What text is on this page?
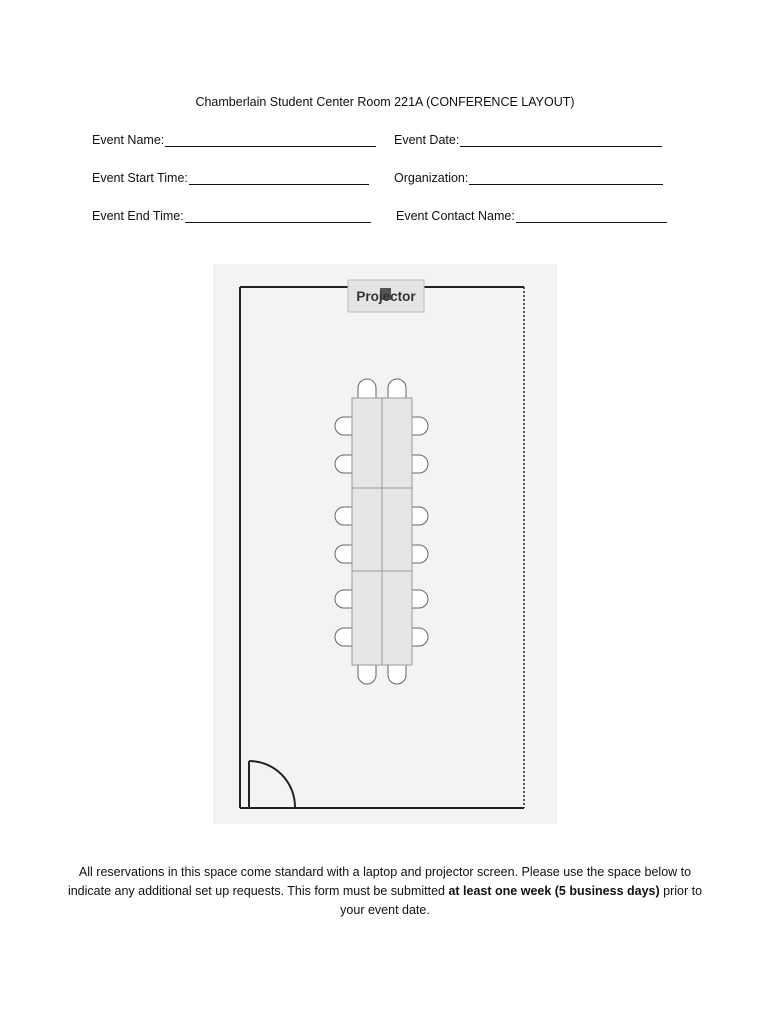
Chamberlain Student Center Room 221A (CONFERENCE LAYOUT)
Event Name:	Event Date:
Event Start Time:	Organization:
Event End Time:	Event Contact Name:
Projector
All reservations in this space come standard with a laptop and projector screen. Please use the space below to indicate any additional set up requests. This form must be submitted at least one week (5 business days) prior to your event date.
